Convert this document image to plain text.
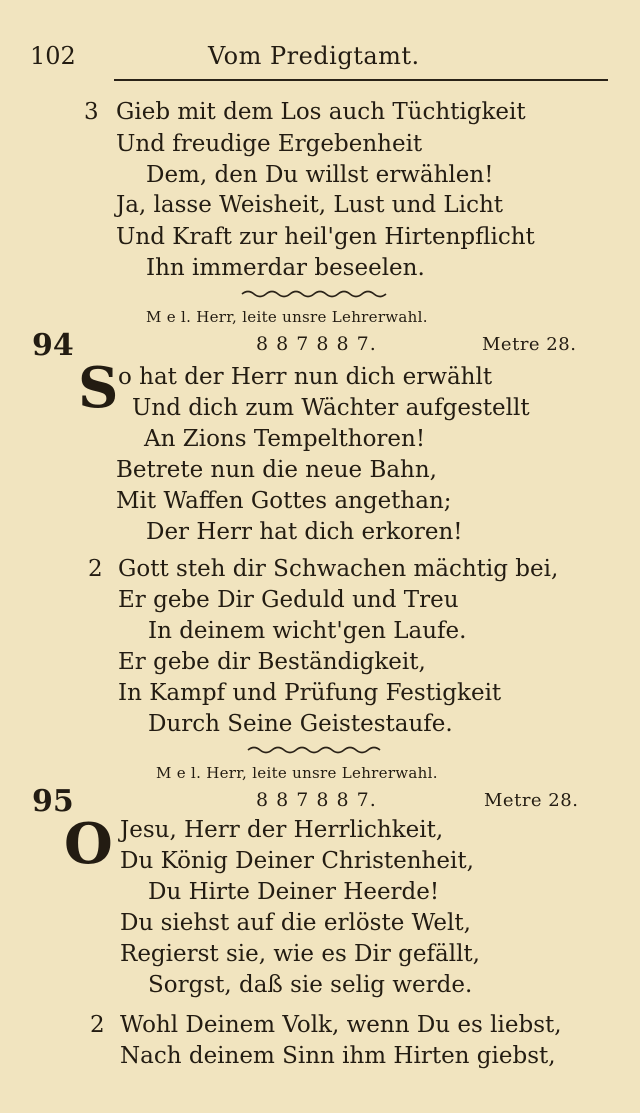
102	Vom Predigtamt.
3 Gieb mit dem Los auch Tüchtigkeit
Und freudige Ergebenheit
Dem, den Du willst erwählen!
Ja, lasse Weisheit, Lust und Licht
Und Kraft zur heil'gen Hirtenpflicht
Ihn immerdar beseelen.
M e l. Herr, leite unsre Lehrerwahl.
94	8 8 7 8 8 7.	Metre 28.
S o hat der Herr nun dich erwählt
Und dich zum Wächter aufgestellt
An Zions Tempelthoren!
Betrete nun die neue Bahn,
Mit Waffen Gottes angethan;
Der Herr hat dich erkoren!
2 Gott steh dir Schwachen mächtig bei,
Er gebe Dir Geduld und Treu
In deinem wicht'gen Laufe.
Er gebe dir Beständigkeit,
In Kampf und Prüfung Festigkeit
Durch Seine Geistestaufe.
M e l. Herr, leite unsre Lehrerwahl.
95	8 8 7 8 8 7.	Metre 28.
O Jesu, Herr der Herrlichkeit,
Du König Deiner Christenheit,
Du Hirte Deiner Heerde!
Du siehst auf die erlöste Welt,
Regierst sie, wie es Dir gefällt,
Sorgst, daß sie selig werde.
2 Wohl Deinem Volk, wenn Du es liebst,
Nach deinem Sinn ihm Hirten giebst,
